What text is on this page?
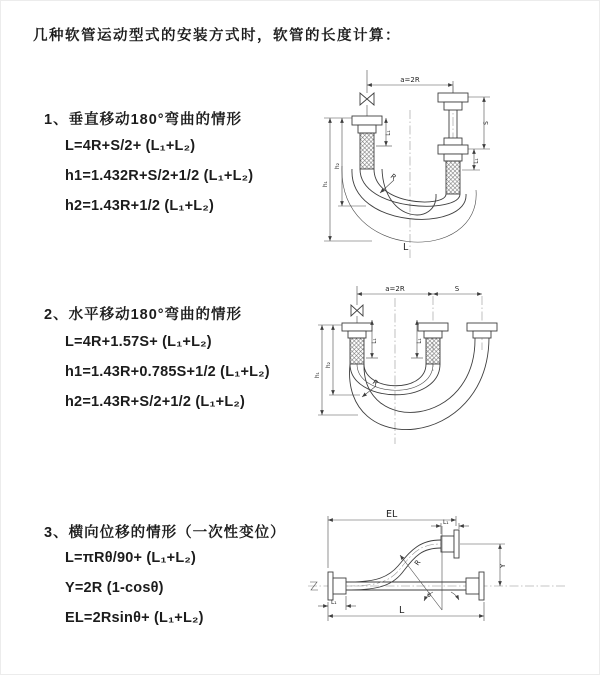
几种软管运动型式的安装方式时，软管的长度计算：
1、垂直移动180°弯曲的情形
L=4R+S/2+ (L₁+L₂)
h1=1.432R+S/2+1/2 (L₁+L₂)
h2=1.43R+1/2 (L₁+L₂)
2、水平移动180°弯曲的情形
L=4R+1.57S+ (L₁+L₂)
h1=1.43R+0.785S+1/2 (L₁+L₂)
h2=1.43R+S/2+1/2 (L₁+L₂)
3、横向位移的情形（一次性变位）
L=πRθ/90+ (L₁+L₂)
Y=2R (1-cosθ)
EL=2Rsinθ+ (L₁+L₂)
a=2R
h₁
h₂
L₁
S
L₁
R
L
a=2R	S
h₁
h₂
L₁	L₁
R
EL
L₁
Y
R
θ
L
L₁
